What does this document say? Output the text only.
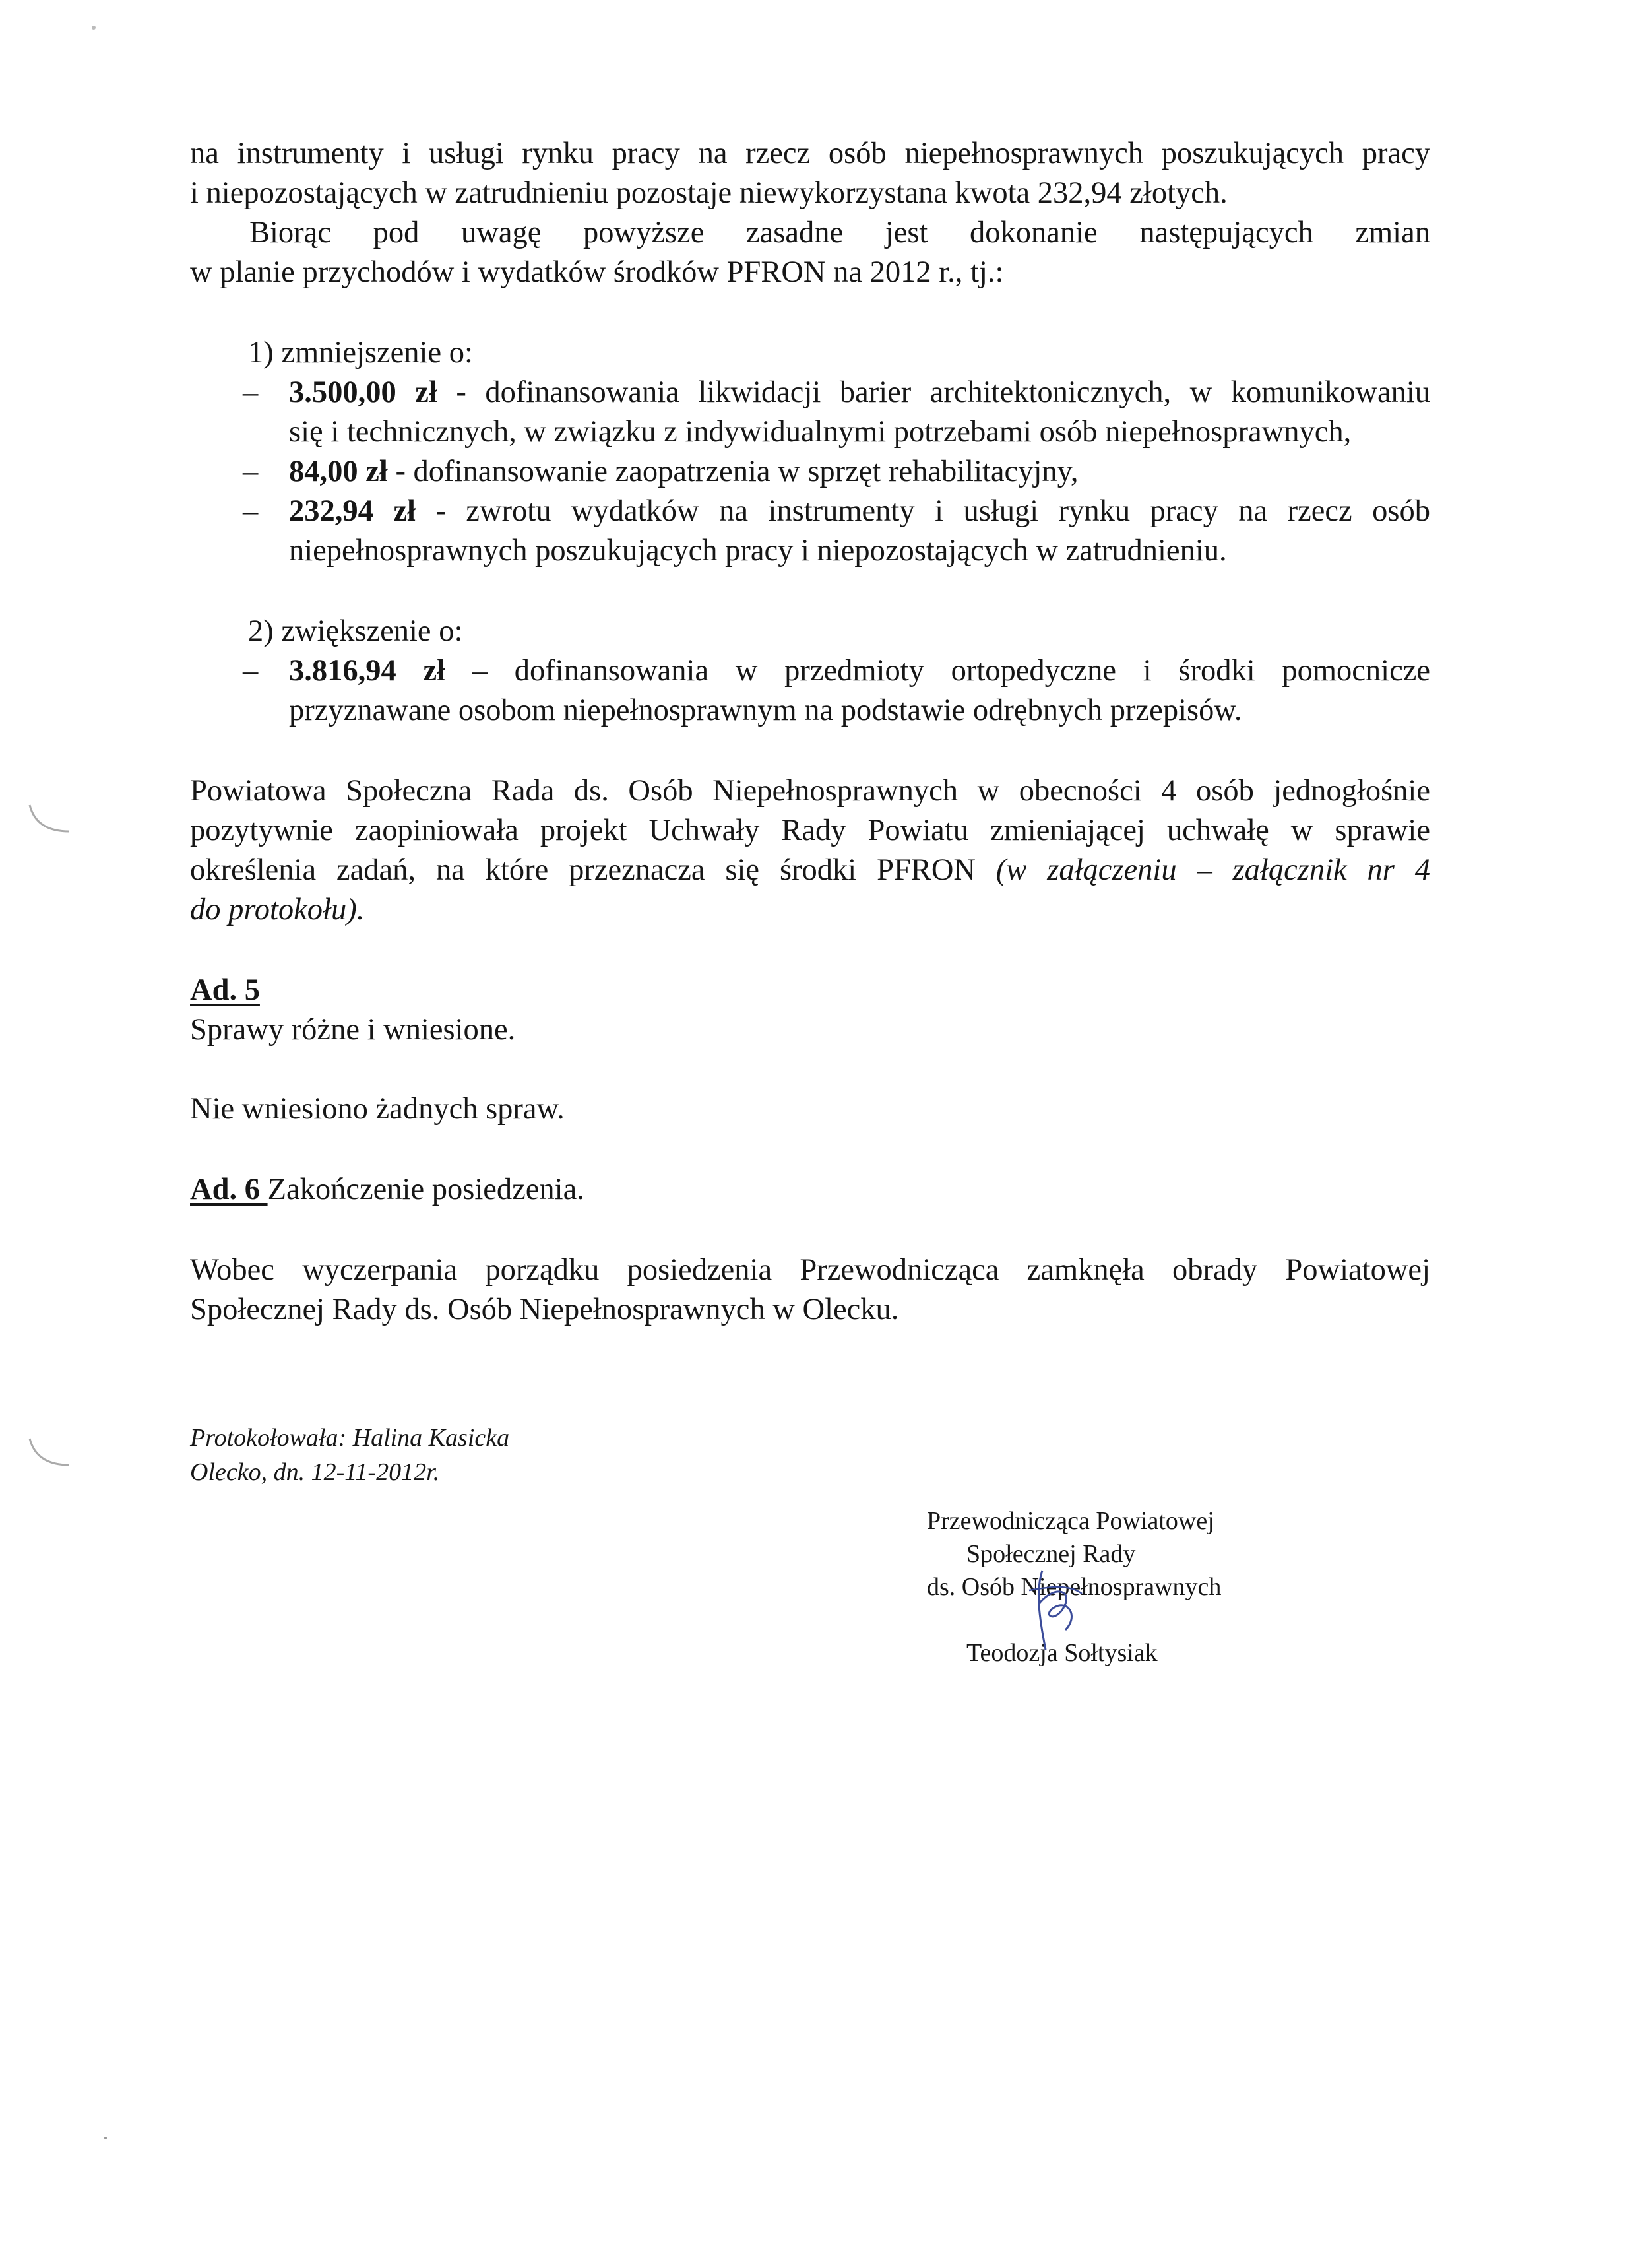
na instrumenty i usługi rynku pracy na rzecz osób niepełnosprawnych poszukujących pracy
i niepozostających w zatrudnieniu pozostaje niewykorzystana kwota 232,94 złotych.
Biorąc pod uwagę powyższe zasadne jest dokonanie następujących zmian
w planie przychodów i wydatków środków PFRON na 2012 r., tj.:
1) zmniejszenie o:
– 3.500,00 zł - dofinansowania likwidacji barier architektonicznych, w komunikowaniu
się i technicznych, w związku z indywidualnymi potrzebami osób niepełnosprawnych,
– 84,00 zł - dofinansowanie zaopatrzenia w sprzęt rehabilitacyjny,
– 232,94 zł - zwrotu wydatków na instrumenty i usługi rynku pracy na rzecz osób
niepełnosprawnych poszukujących pracy i niepozostających w zatrudnieniu.
2) zwiększenie o:
– 3.816,94 zł – dofinansowania w przedmioty ortopedyczne i środki pomocnicze
przyznawane osobom niepełnosprawnym na podstawie odrębnych przepisów.
Powiatowa Społeczna Rada ds. Osób Niepełnosprawnych w obecności 4 osób jednogłośnie
pozytywnie zaopiniowała projekt Uchwały Rady Powiatu zmieniającej uchwałę w sprawie
określenia zadań, na które przeznacza się środki PFRON (w załączeniu – załącznik nr 4
do protokołu).
Ad. 5
Sprawy różne i wniesione.
Nie wniesiono żadnych spraw.
Ad. 6 Zakończenie posiedzenia.
Wobec wyczerpania porządku posiedzenia Przewodnicząca zamknęła obrady Powiatowej
Społecznej Rady ds. Osób Niepełnosprawnych w Olecku.
Protokołowała: Halina Kasicka
Olecko, dn. 12-11-2012r.
Przewodnicząca Powiatowej
Społecznej Rady
ds. Osób Niepełnosprawnych
Teodozja Sołtysiak
